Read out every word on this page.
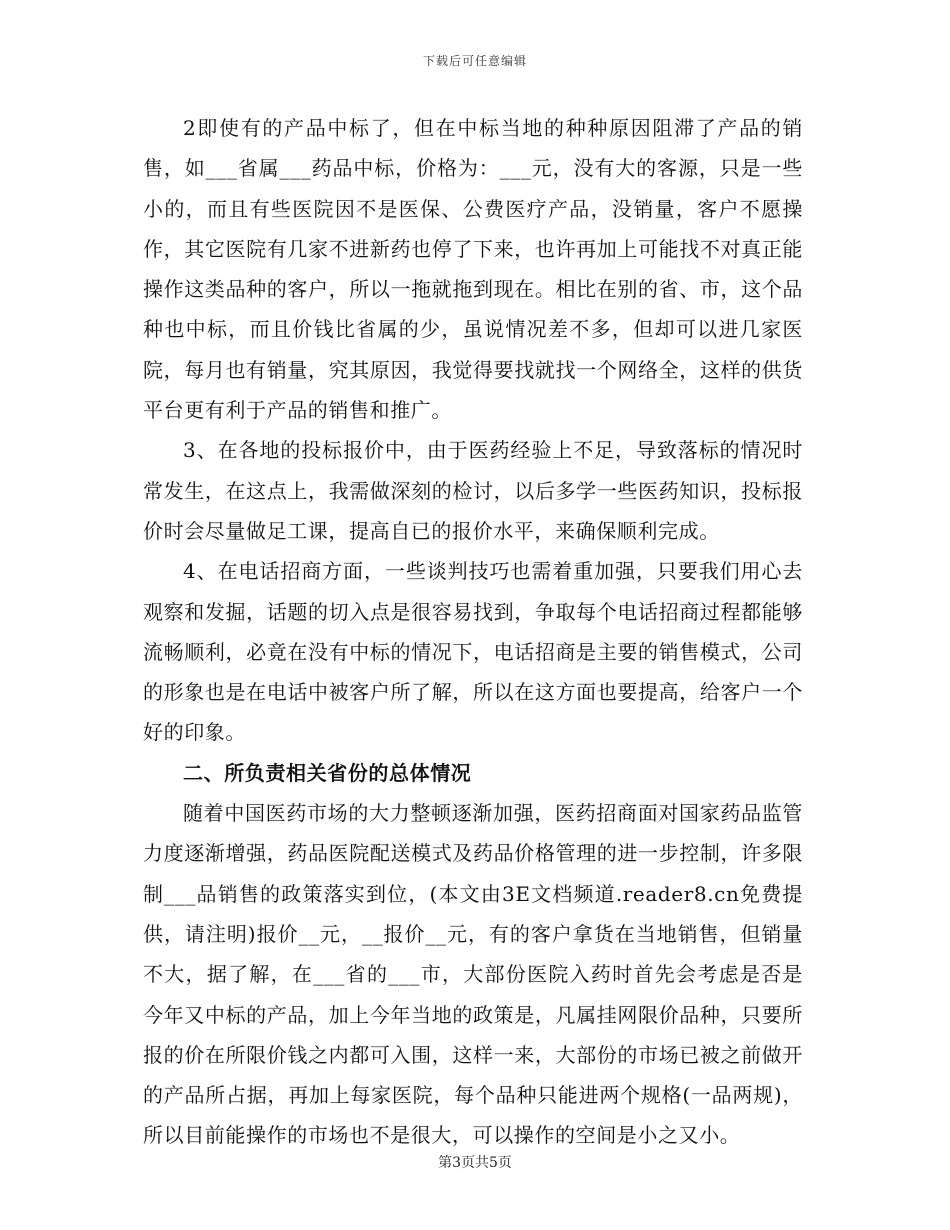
下载后可任意编辑

2即使有的产品中标了，但在中标当地的种种原因阻滞了产品的销售，如___省属___药品中标，价格为：___元，没有大的客源，只是一些小的，而且有些医院因不是医保、公费医疗产品，没销量，客户不愿操作，其它医院有几家不进新药也停了下来，也许再加上可能找不对真正能操作这类品种的客户，所以一拖就拖到现在。相比在别的省、市，这个品种也中标，而且价钱比省属的少，虽说情况差不多，但却可以进几家医院，每月也有销量，究其原因，我觉得要找就找一个网络全，这样的供货平台更有利于产品的销售和推广。

3、在各地的投标报价中，由于医药经验上不足，导致落标的情况时常发生，在这点上，我需做深刻的检讨，以后多学一些医药知识，投标报价时会尽量做足工课，提高自已的报价水平，来确保顺利完成。

4、在电话招商方面，一些谈判技巧也需着重加强，只要我们用心去观察和发掘，话题的切入点是很容易找到，争取每个电话招商过程都能够流畅顺利，必竟在没有中标的情况下，电话招商是主要的销售模式，公司的形象也是在电话中被客户所了解，所以在这方面也要提高，给客户一个好的印象。

二、所负责相关省份的总体情况

随着中国医药市场的大力整顿逐渐加强，医药招商面对国家药品监管力度逐渐增强，药品医院配送模式及药品价格管理的进一步控制，许多限制___品销售的政策落实到位，(本文由3E文档频道.reader8.cn免费提供，请注明)报价__元，__报价__元，有的客户拿货在当地销售，但销量不大，据了解，在___省的___市，大部份医院入药时首先会考虑是否是今年又中标的产品，加上今年当地的政策是，凡属挂网限价品种，只要所报的价在所限价钱之内都可入围，这样一来，大部份的市场已被之前做开的产品所占据，再加上每家医院，每个品种只能进两个规格(一品两规)，所以目前能操作的市场也不是很大，可以操作的空间是小之又小。

第3页共5页
